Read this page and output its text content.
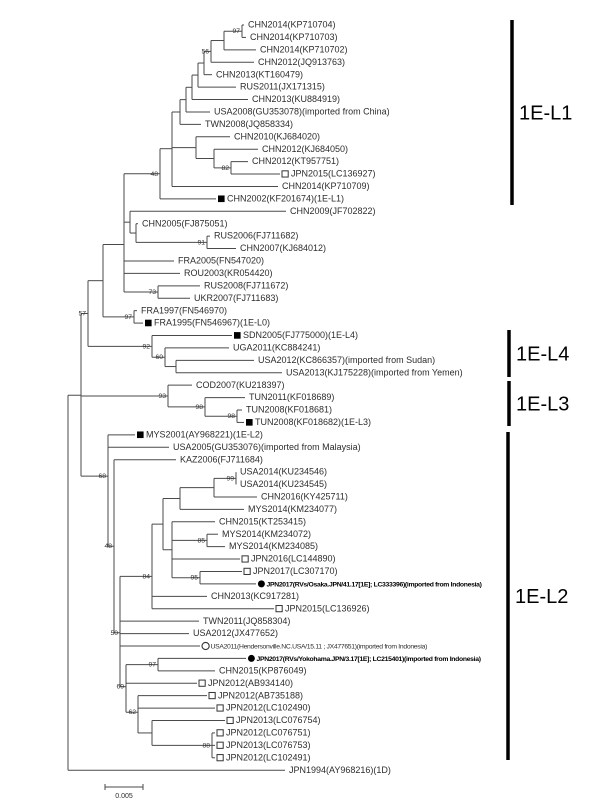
CHN2014(KP710704)
CHN2014(KP710703)
97
CHN2014(KP710702)
CHN2012(JQ913763)
56
CHN2013(KT160479)
RUS2011(JX171315)
CHN2013(KU884919)
USA2008(GU353078)(imported from China)
TWN2008(JQ858334)
CHN2010(KJ684020)
CHN2012(KJ684050)
CHN2012(KT957751)
JPN2015(LC136927)
82
CHN2014(KP710709)
CHN2002(KF201674)(1E-L1)
48
CHN2009(JF702822)
CHN2005(FJ875051)
RUS2006(FJ711682)
CHN2007(KJ684012)
91
FRA2005(FN547020)
ROU2003(KR054420)
RUS2008(FJ711672)
UKR2007(FJ711683)
73
FRA1997(FN546970)
FRA1995(FN546967)(1E-L0)
97
SDN2005(FJ775000)(1E-L4)
UGA2011(KC884241)
USA2012(KC866357)(imported from Sudan)
USA2013(KJ175228)(imported from Yemen)
60
92
57
COD2007(KU218397)
TUN2011(KF018689)
TUN2008(KF018681)
TUN2008(KF018682)(1E-L3)
98
98
93
MYS2001(AY968221)(1E-L2)
USA2005(GU353076)(imported from Malaysia)
KAZ2006(FJ711684)
USA2014(KU234546)
USA2014(KU234545)
99
CHN2016(KY425711)
MYS2014(KM234077)
CHN2015(KT253415)
MYS2014(KM234072)
MYS2014(KM234085)
85
JPN2016(LC144890)
JPN2017(LC307170)
JPN2017(RVs/Osaka.JPN/41.17[1E]; LC333396)(imported from Indonesia)
95
CHN2013(KC917281)
JPN2015(LC136926)
84
TWN2011(JQ858304)
USA2012(JX477652)
USA2011(Hendersonville.NC.USA/15.11 ; JX477651)(imported from Indonesia)
JPN2017(RVs/Yokohama.JPN/3.17[1E]; LC215401)(imported from Indonesia)
CHN2015(KP876049)
97
JPN2012(AB934140)
JPN2012(AB735188)
JPN2012(LC102490)
JPN2013(LC076754)
JPN2012(LC076751)
JPN2013(LC076753)
JPN2012(LC102491)
88
62
69
50
48
68
JPN1994(AY968216)(1D)
1E-L1
1E-L4
1E-L3
1E-L2
0.005
